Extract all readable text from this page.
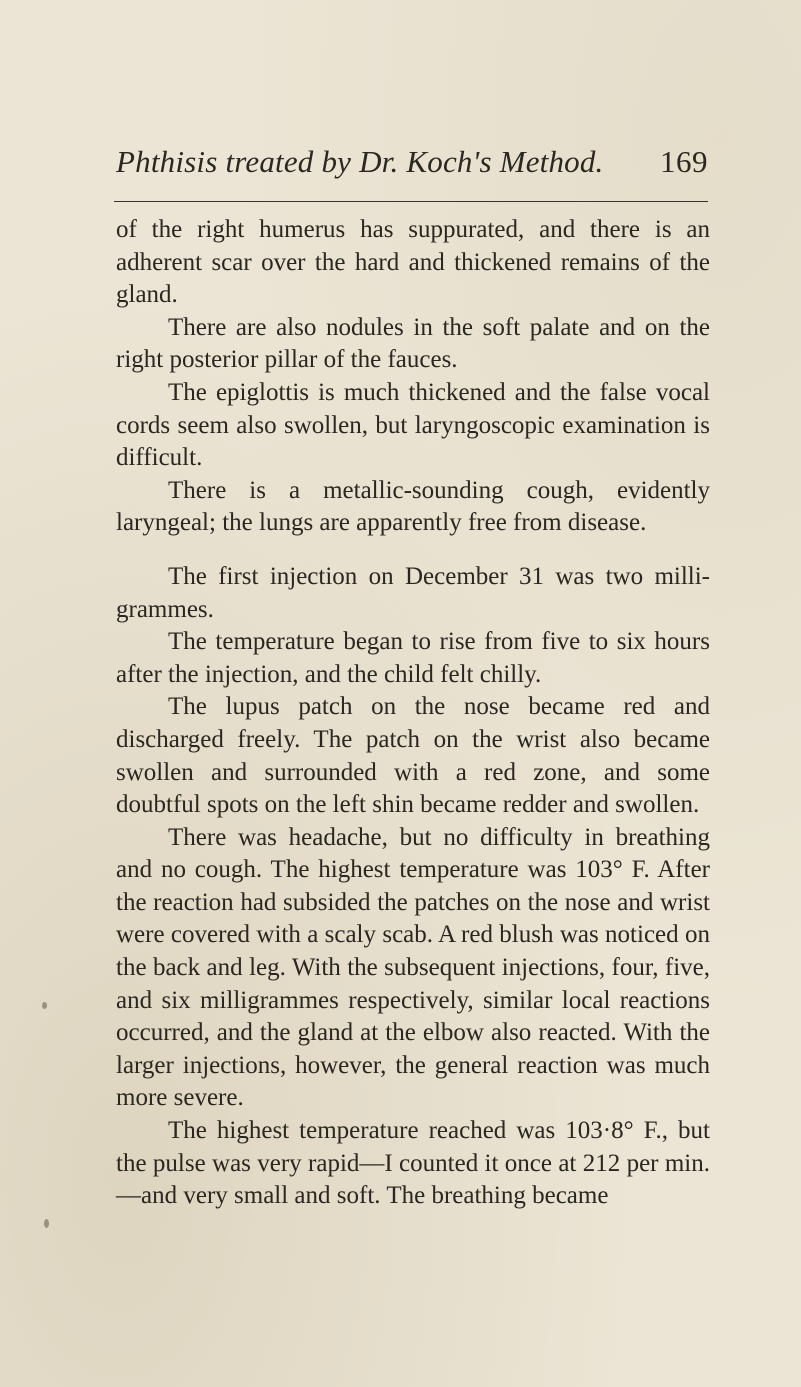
Phthisis treated by Dr. Koch's Method. 169

of the right humerus has suppurated, and there is an adherent scar over the hard and thickened remains of the gland.

There are also nodules in the soft palate and on the right posterior pillar of the fauces.

The epiglottis is much thickened and the false vocal cords seem also swollen, but laryngoscopic examination is difficult.

There is a metallic-sounding cough, evidently laryngeal; the lungs are apparently free from disease.

The first injection on December 31 was two milligrammes.

The temperature began to rise from five to six hours after the injection, and the child felt chilly.

The lupus patch on the nose became red and discharged freely. The patch on the wrist also became swollen and surrounded with a red zone, and some doubtful spots on the left shin became redder and swollen.

There was headache, but no difficulty in breathing and no cough. The highest temperature was 103° F. After the reaction had subsided the patches on the nose and wrist were covered with a scaly scab. A red blush was noticed on the back and leg. With the subsequent injections, four, five, and six milligrammes respectively, similar local reactions occurred, and the gland at the elbow also reacted. With the larger injections, however, the general reaction was much more severe.

The highest temperature reached was 103·8° F., but the pulse was very rapid—I counted it once at 212 per min.—and very small and soft. The breathing became
